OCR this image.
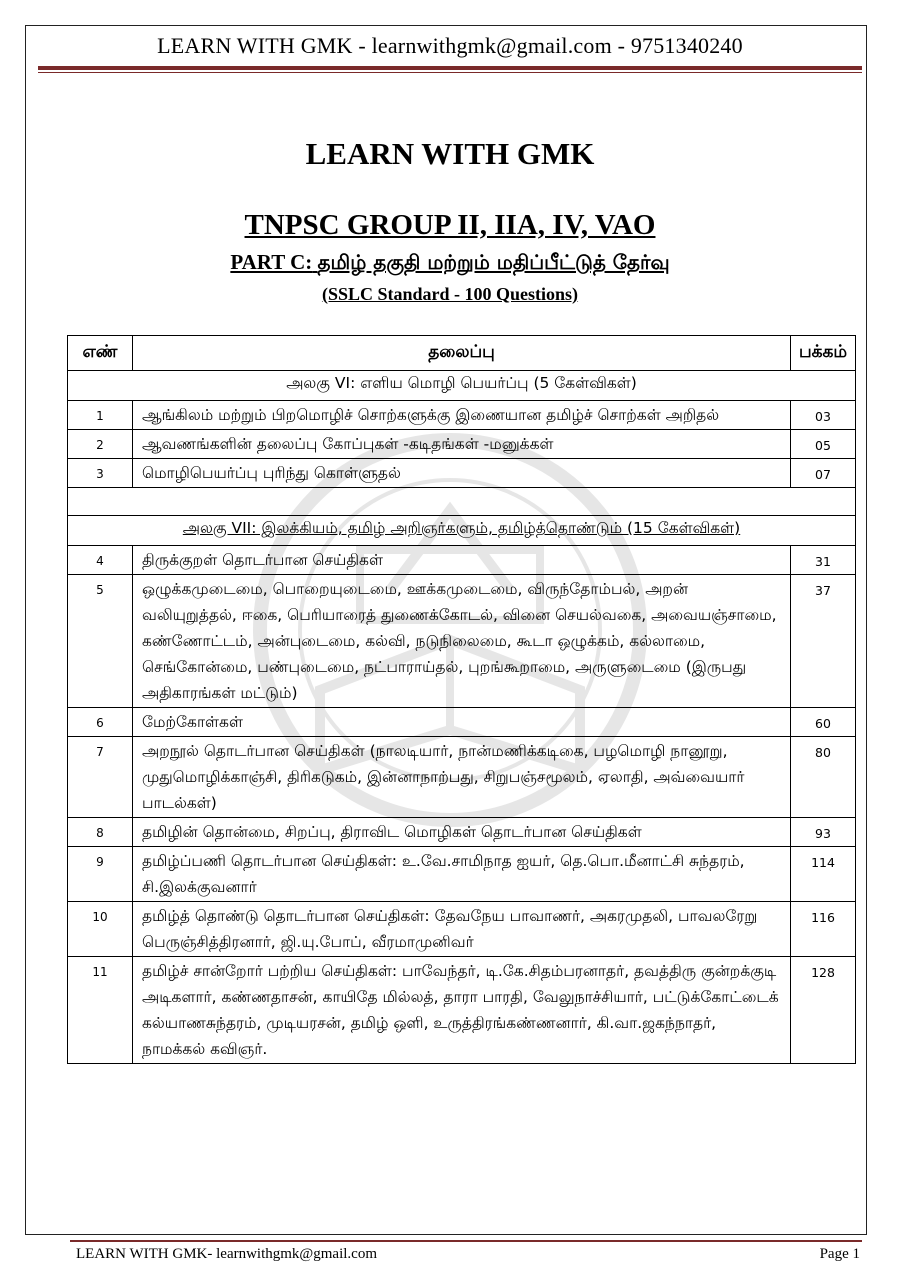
LEARN WITH GMK - learnwithgmk@gmail.com - 9751340240
LEARN WITH GMK
TNPSC GROUP II, IIA, IV, VAO
PART C: தமிழ் தகுதி மற்றும் மதிப்பீட்டுத் தேர்வு
(SSLC Standard - 100 Questions)
எண்	தலைப்பு	பக்கம்
அலகு VI: எளிய மொழி பெயர்ப்பு (5 கேள்விகள்)		
1	ஆங்கிலம் மற்றும் பிறமொழிச் சொற்களுக்கு இணையான தமிழ்ச் சொற்கள் அறிதல்	03
2	ஆவணங்களின் தலைப்பு கோப்புகள் -கடிதங்கள் -மனுக்கள்	05
3	மொழிபெயர்ப்பு புரிந்து கொள்ளுதல்	07

அலகு VII: இலக்கியம், தமிழ் அறிஞர்களும், தமிழ்த்தொண்டும் (15 கேள்விகள்)		
4	திருக்குறள் தொடர்பான செய்திகள்	31
5	ஒழுக்கமுடைமை, பொறையுடைமை, ஊக்கமுடைமை, விருந்தோம்பல், அறன் வலியுறுத்தல், ஈகை, பெரியாரைத் துணைக்கோடல், வினை செயல்வகை, அவையஞ்சாமை, கண்ணோட்டம், அன்புடைமை, கல்வி, நடுநிலைமை, கூடா ஒழுக்கம், கல்லாமை, செங்கோன்மை, பண்புடைமை, நட்பாராய்தல், புறங்கூறாமை, அருளுடைமை (இருபது அதிகாரங்கள் மட்டும்)	37
6	மேற்கோள்கள்	60
7	அறநூல் தொடர்பான செய்திகள் (நாலடியார், நான்மணிக்கடிகை, பழமொழி நானூறு, முதுமொழிக்காஞ்சி, திரிகடுகம், இன்னாநாற்பது, சிறுபஞ்சமூலம், ஏலாதி, அவ்வையார் பாடல்கள்)	80
8	தமிழின் தொன்மை, சிறப்பு, திராவிட மொழிகள் தொடர்பான செய்திகள்	93
9	தமிழ்ப்பணி தொடர்பான செய்திகள்: உ.வே.சாமிநாத ஐயர், தெ.பொ.மீனாட்சி சுந்தரம், சி.இலக்குவனார்	114
10	தமிழ்த் தொண்டு தொடர்பான செய்திகள்: தேவநேய பாவாணர், அகரமுதலி, பாவலரேறு பெருஞ்சித்திரனார், ஜி.யு.போப், வீரமாமுனிவர்	116
11	தமிழ்ச் சான்றோர் பற்றிய செய்திகள்: பாவேந்தர், டி.கே.சிதம்பரனாதர், தவத்திரு குன்றக்குடி அடிகளார், கண்ணதாசன், காயிதே மில்லத், தாரா பாரதி, வேலுநாச்சியார், பட்டுக்கோட்டைக் கல்யாணசுந்தரம், முடியரசன், தமிழ் ஒளி, உருத்திரங்கண்ணனார், கி.வா.ஜகந்நாதர், நாமக்கல் கவிஞர்.	128
LEARN WITH GMK- learnwithgmk@gmail.com	Page 1
